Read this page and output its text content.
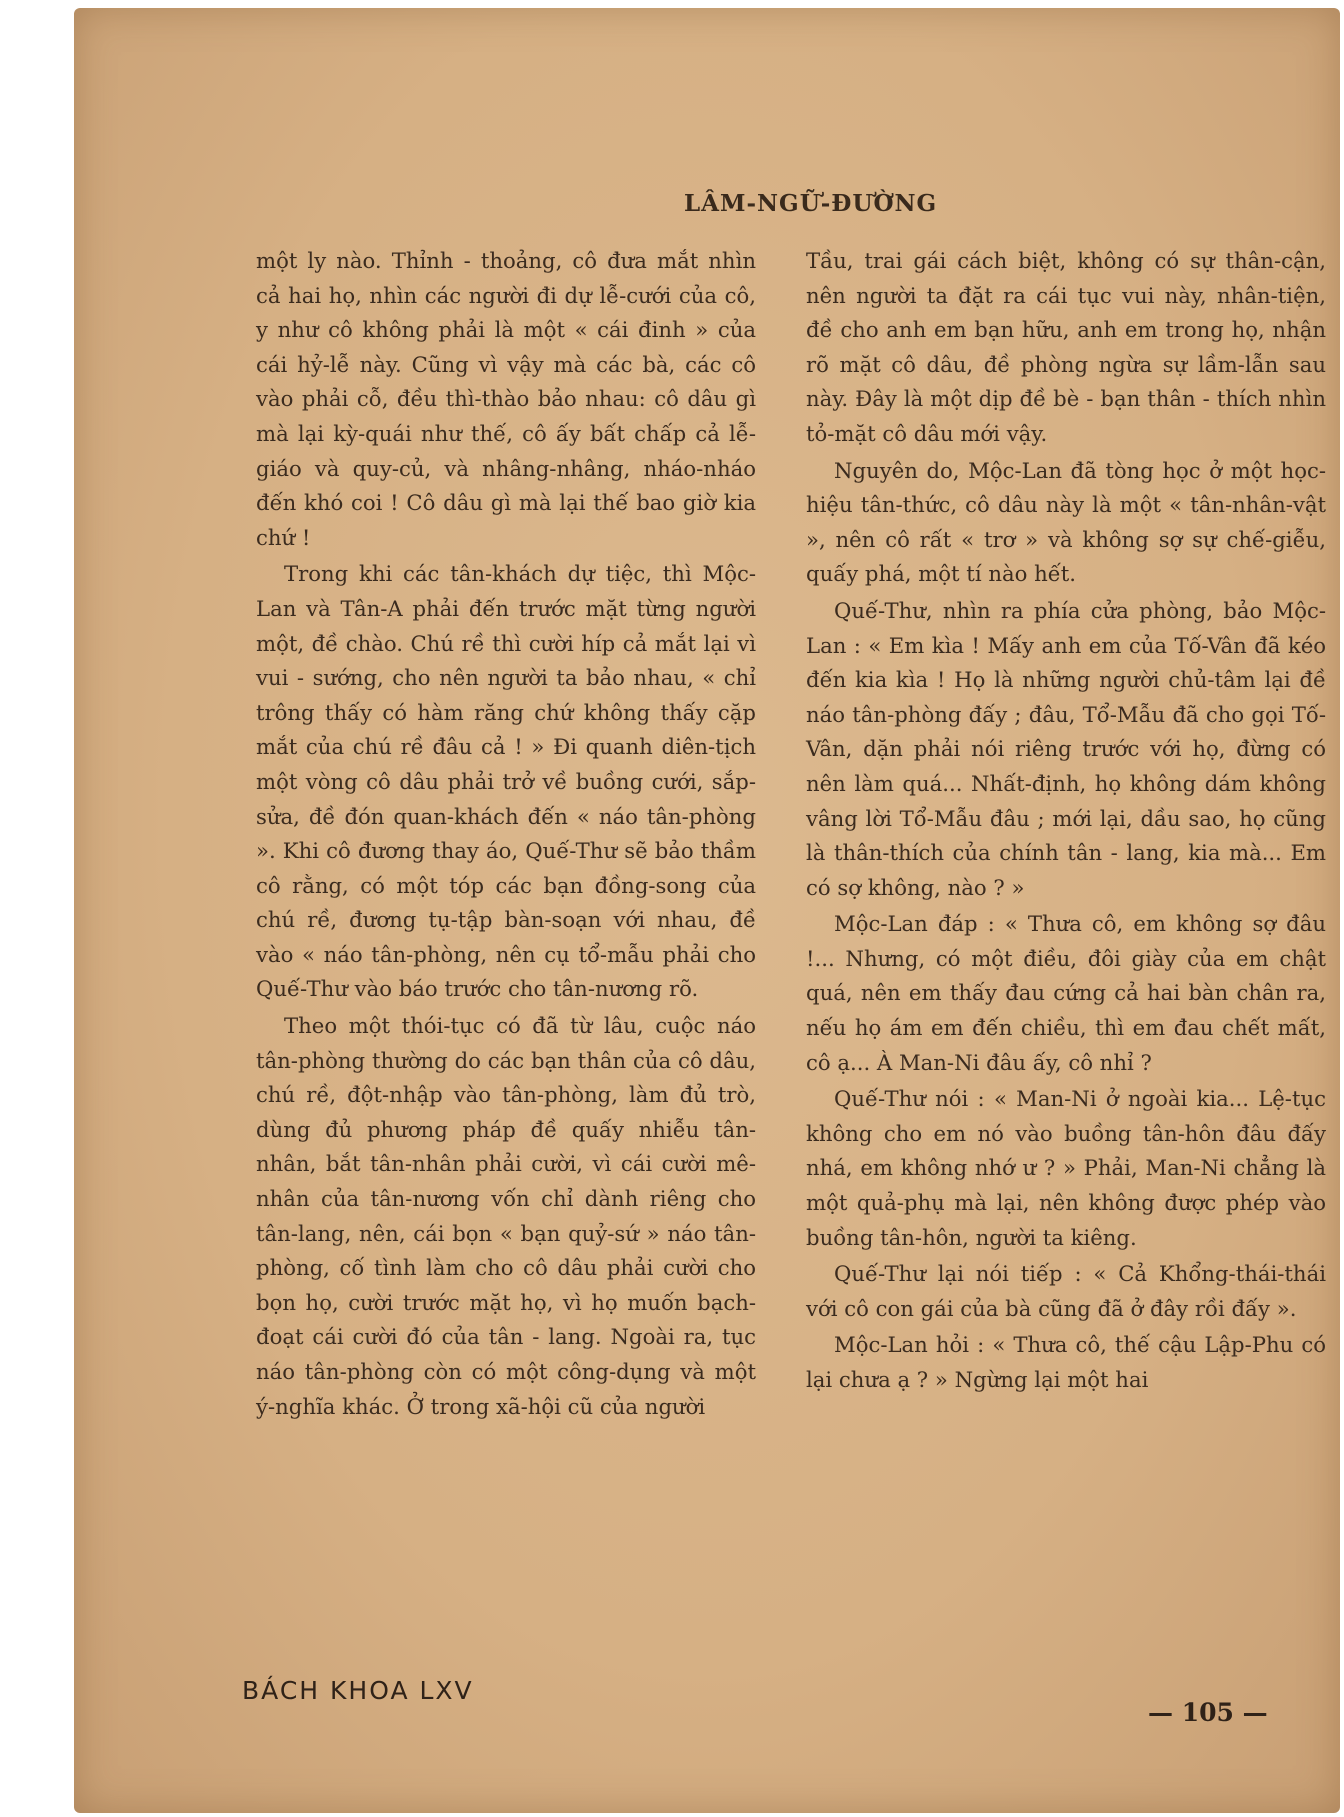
LÂM-NGỮ-ĐƯỜNG

một ly nào. Thỉnh - thoảng, cô đưa mắt nhìn cả hai họ, nhìn các người đi dự lễ-cưới của cô, y như cô không phải là một « cái đinh » của cái hỷ-lễ này. Cũng vì vậy mà các bà, các cô vào phải cỗ, đều thì-thào bảo nhau: cô dâu gì mà lại kỳ-quái như thế, cô ấy bất chấp cả lễ-giáo và quy-củ, và nhâng-nhâng, nháo-nháo đến khó coi ! Cô dâu gì mà lại thế bao giờ kia chứ !

Trong khi các tân-khách dự tiệc, thì Mộc-Lan và Tân-A phải đến trước mặt từng người một, đề chào. Chú rề thì cười híp cả mắt lại vì vui - sướng, cho nên người ta bảo nhau, « chỉ trông thấy có hàm răng chứ không thấy cặp mắt của chú rề đâu cả ! » Đi quanh diên-tịch một vòng cô dâu phải trở về buồng cưới, sắp-sửa, đề đón quan-khách đến « náo tân-phòng ». Khi cô đương thay áo, Quế-Thư sẽ bảo thầm cô rằng, có một tóp các bạn đồng-song của chú rề, đương tụ-tập bàn-soạn với nhau, đề vào « náo tân-phòng, nên cụ tổ-mẫu phải cho Quế-Thư vào báo trước cho tân-nương rõ.

Theo một thói-tục có đã từ lâu, cuộc náo tân-phòng thường do các bạn thân của cô dâu, chú rề, đột-nhập vào tân-phòng, làm đủ trò, dùng đủ phương pháp đề quấy nhiễu tân-nhân, bắt tân-nhân phải cười, vì cái cười mê-nhân của tân-nương vốn chỉ dành riêng cho tân-lang, nên, cái bọn « bạn quỷ-sứ » náo tân-phòng, cố tình làm cho cô dâu phải cười cho bọn họ, cười trước mặt họ, vì họ muốn bạch-đoạt cái cười đó của tân - lang. Ngoài ra, tục náo tân-phòng còn có một công-dụng và một ý-nghĩa khác. Ở trong xã-hội cũ của người

Tầu, trai gái cách biệt, không có sự thân-cận, nên người ta đặt ra cái tục vui này, nhân-tiện, đề cho anh em bạn hữu, anh em trong họ, nhận rõ mặt cô dâu, đề phòng ngừa sự lầm-lẫn sau này. Đây là một dịp đề bè - bạn thân - thích nhìn tỏ-mặt cô dâu mới vậy.

Nguyên do, Mộc-Lan đã tòng học ở một học-hiệu tân-thức, cô dâu này là một « tân-nhân-vật », nên cô rất « trơ » và không sợ sự chế-giễu, quấy phá, một tí nào hết.

Quế-Thư, nhìn ra phía cửa phòng, bảo Mộc-Lan : « Em kìa ! Mấy anh em của Tố-Vân đã kéo đến kia kìa ! Họ là những người chủ-tâm lại đề náo tân-phòng đấy ; đâu, Tổ-Mẫu đã cho gọi Tố-Vân, dặn phải nói riêng trước với họ, đừng có nên làm quá... Nhất-định, họ không dám không vâng lời Tổ-Mẫu đâu ; mới lại, dầu sao, họ cũng là thân-thích của chính tân - lang, kia mà... Em có sợ không, nào ? »

Mộc-Lan đáp : « Thưa cô, em không sợ đâu !... Nhưng, có một điều, đôi giày của em chật quá, nên em thấy đau cứng cả hai bàn chân ra, nếu họ ám em đến chiều, thì em đau chết mất, cô ạ... À Man-Ni đâu ấy, cô nhỉ ?

Quế-Thư nói : « Man-Ni ở ngoài kia... Lệ-tục không cho em nó vào buồng tân-hôn đâu đấy nhá, em không nhớ ư ? » Phải, Man-Ni chẳng là một quả-phụ mà lại, nên không được phép vào buồng tân-hôn, người ta kiêng.

Quế-Thư lại nói tiếp : « Cả Khổng-thái-thái với cô con gái của bà cũng đã ở đây rồi đấy ».

Mộc-Lan hỏi : « Thưa cô, thế cậu Lập-Phu có lại chưa ạ ? » Ngừng lại một hai

BÁCH KHOA LXV
— 105 —
